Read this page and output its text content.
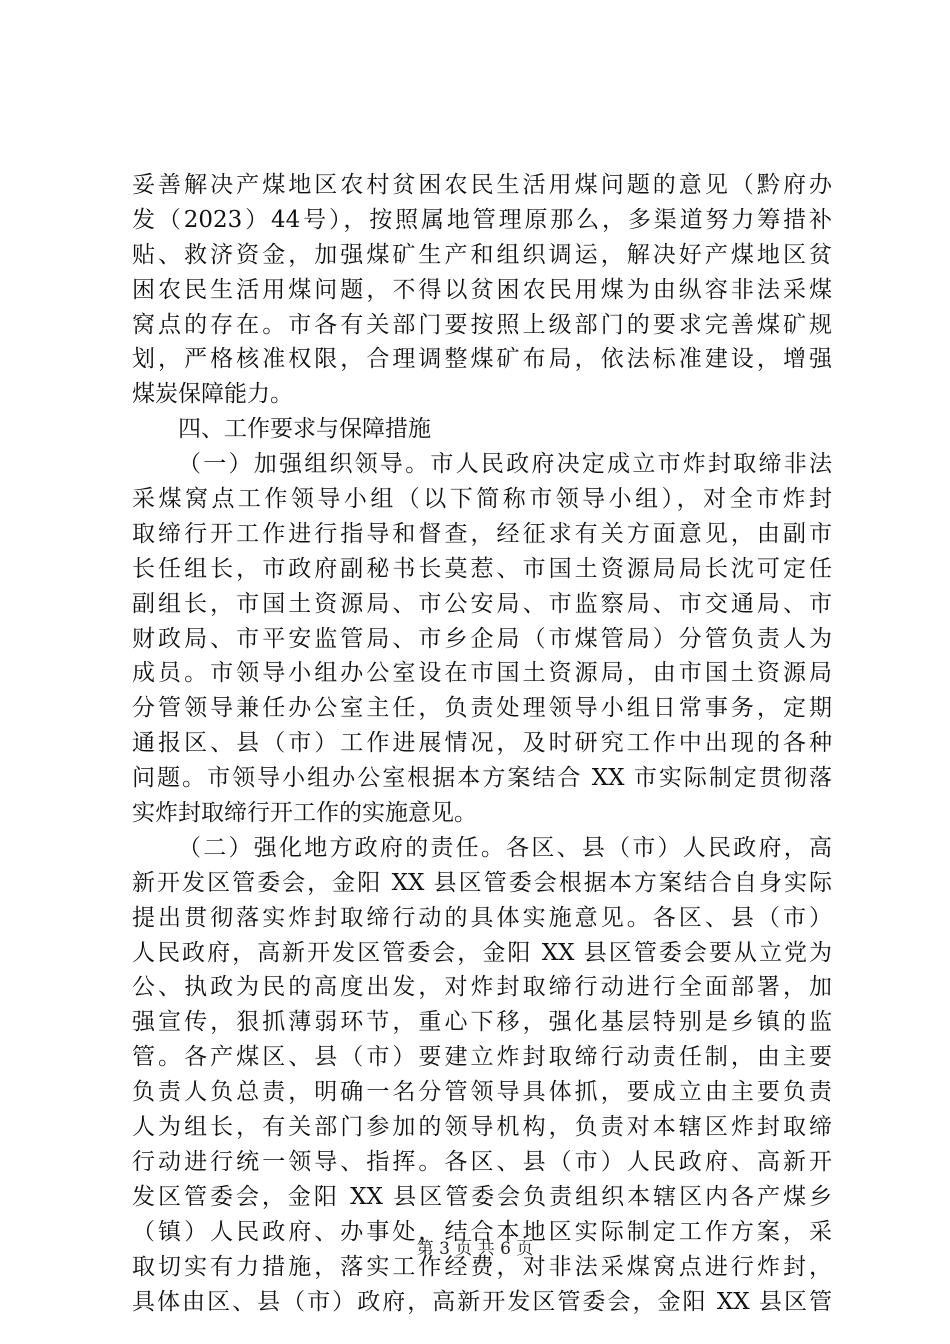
妥善解决产煤地区农村贫困农民生活用煤问题的意见（黔府办
发（2023）44号），按照属地管理原那么，多渠道努力筹措补
贴、救济资金，加强煤矿生产和组织调运，解决好产煤地区贫
困农民生活用煤问题，不得以贫困农民用煤为由纵容非法采煤
窝点的存在。市各有关部门要按照上级部门的要求完善煤矿规
划，严格核准权限，合理调整煤矿布局，依法标准建设，增强
煤炭保障能力。
四、工作要求与保障措施
（一）加强组织领导。市人民政府决定成立市炸封取缔非法
采煤窝点工作领导小组（以下简称市领导小组），对全市炸封
取缔行开工作进行指导和督查，经征求有关方面意见，由副市
长任组长，市政府副秘书长莫惹、市国土资源局局长沈可定任
副组长，市国土资源局、市公安局、市监察局、市交通局、市
财政局、市平安监管局、市乡企局（市煤管局）分管负责人为
成员。市领导小组办公室设在市国土资源局，由市国土资源局
分管领导兼任办公室主任，负责处理领导小组日常事务，定期
通报区、县（市）工作进展情况，及时研究工作中出现的各种
问题。市领导小组办公室根据本方案结合 XX 市实际制定贯彻落
实炸封取缔行开工作的实施意见。
（二）强化地方政府的责任。各区、县（市）人民政府，高
新开发区管委会，金阳 XX 县区管委会根据本方案结合自身实际
提出贯彻落实炸封取缔行动的具体实施意见。各区、县（市）
人民政府，高新开发区管委会，金阳 XX 县区管委会要从立党为
公、执政为民的高度出发，对炸封取缔行动进行全面部署，加
强宣传，狠抓薄弱环节，重心下移，强化基层特别是乡镇的监
管。各产煤区、县（市）要建立炸封取缔行动责任制，由主要
负责人负总责，明确一名分管领导具体抓，要成立由主要负责
人为组长，有关部门参加的领导机构，负责对本辖区炸封取缔
行动进行统一领导、指挥。各区、县（市）人民政府、高新开
发区管委会，金阳 XX 县区管委会负责组织本辖区内各产煤乡
（镇）人民政府、办事处，结合本地区实际制定工作方案，采
取切实有力措施，落实工作经费，对非法采煤窝点进行炸封，
具体由区、县（市）政府，高新开发区管委会，金阳 XX 县区管
第 3 页 共 6 页
